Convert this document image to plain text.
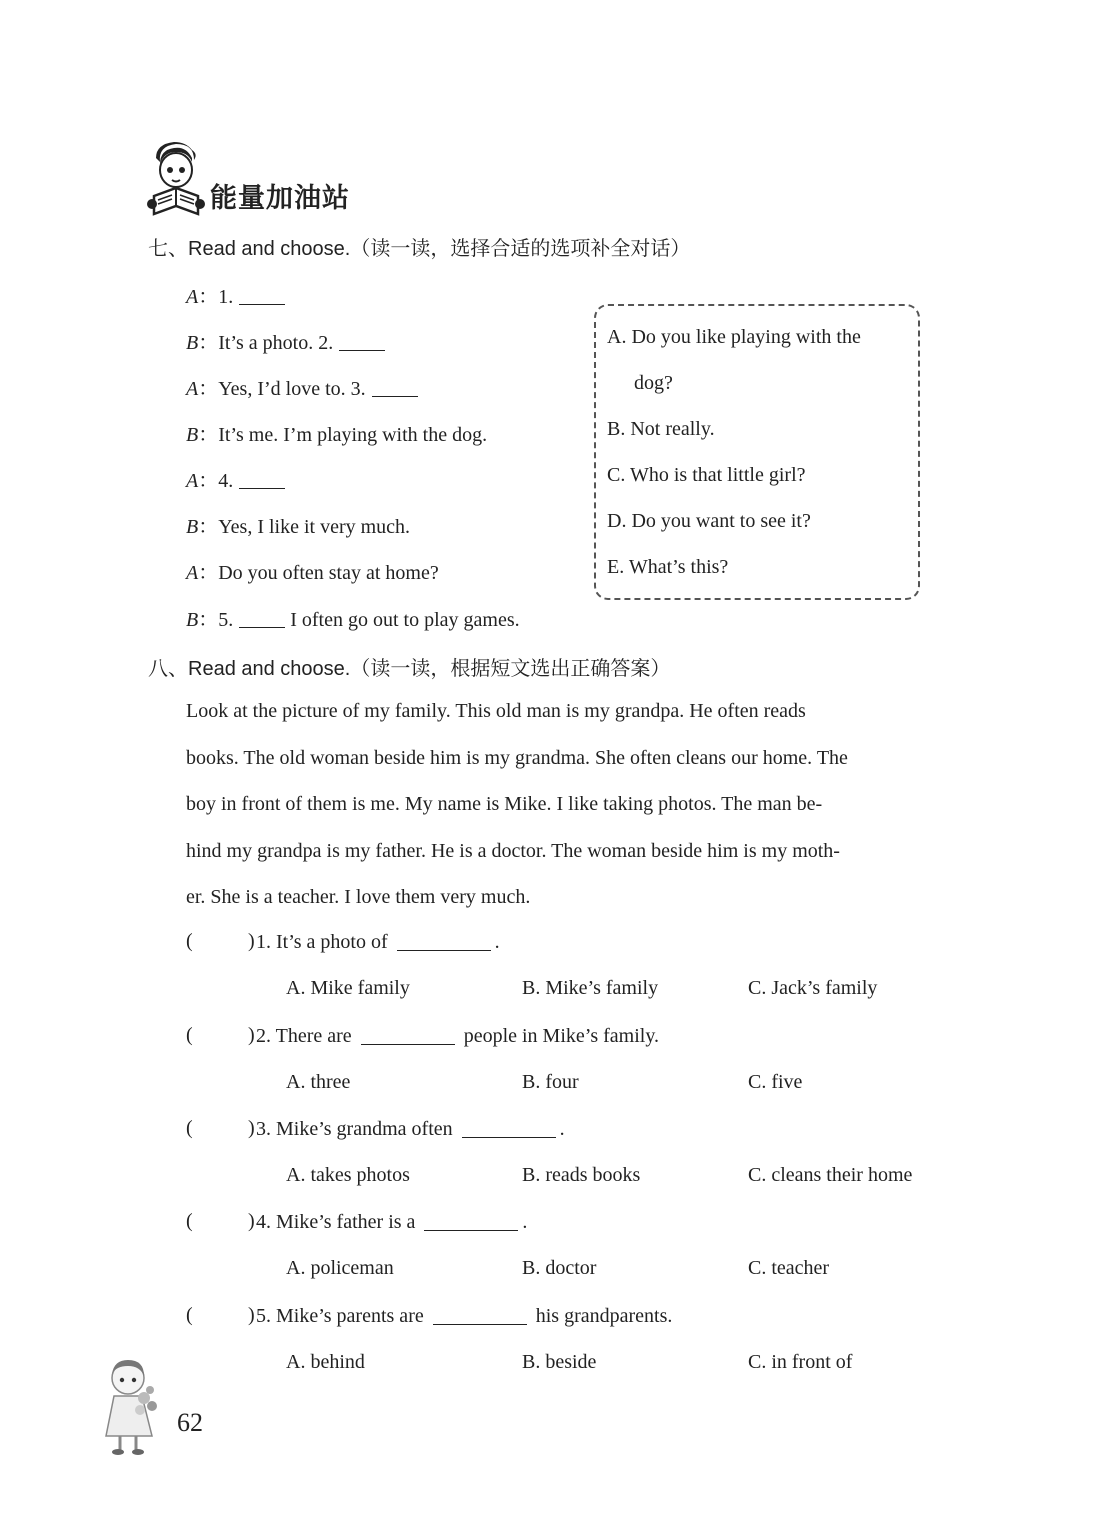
能量加油站
七、Read and choose.（读一读，选择合适的选项补全对话）
A：1.
B：It’s a photo. 2.
A：Yes, I’d love to. 3.
B：It’s me. I’m playing with the dog.
A：4.
B：Yes, I like it very much.
A：Do you often stay at home?
B：5.	I often go out to play games.
A. Do you like playing with the
dog?
B. Not really.
C. Who is that little girl?
D. Do you want to see it?
E. What’s this?
八、Read and choose.（读一读，根据短文选出正确答案）
Look at the picture of my family. This old man is my grandpa. He often reads
books. The old woman beside him is my grandma. She often cleans our home. The
boy in front of them is me. My name is Mike. I like taking photos. The man be-
hind my grandpa is my father. He is a doctor. The woman beside him is my moth-
er. She is a teacher. I love them very much.
(	) 1. It’s a photo of	.
A. Mike family	B. Mike’s family	C. Jack’s family
(	) 2. There are	people in Mike’s family.
A. three	B. four	C. five
(	) 3. Mike’s grandma often	.
A. takes photos	B. reads books	C. cleans their home
(	) 4. Mike’s father is a	.
A. policeman	B. doctor	C. teacher
(	) 5. Mike’s parents are	his grandparents.
A. behind	B. beside	C. in front of
62
